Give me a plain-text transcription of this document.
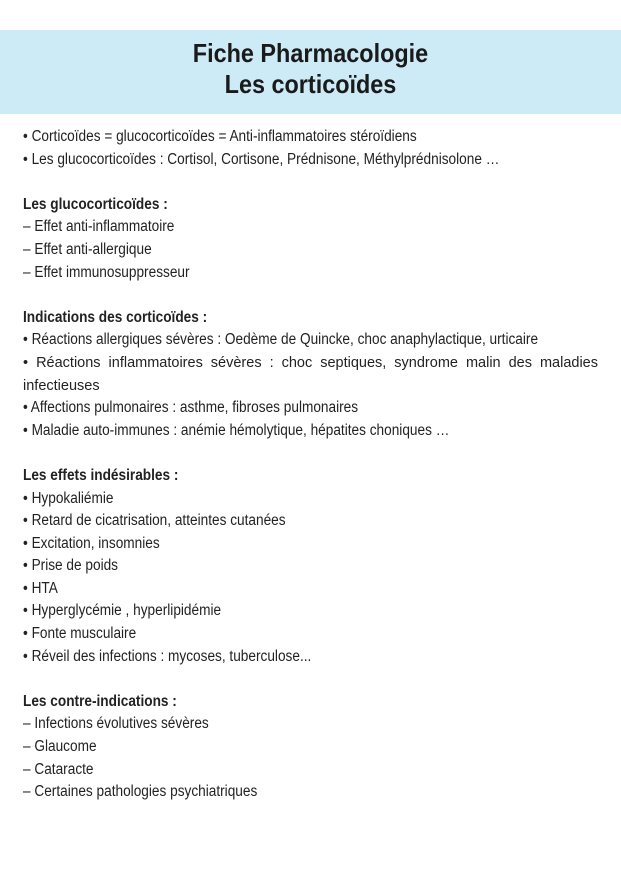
Fiche Pharmacologie
Les corticoïdes
• Corticoïdes = glucocorticoïdes = Anti-inflammatoires stéroïdiens
• Les glucocorticoïdes : Cortisol, Cortisone, Prédnisone, Méthylprédnisolone …
Les glucocorticoïdes :
– Effet anti-inflammatoire
– Effet anti-allergique
– Effet immunosuppresseur
Indications des corticoïdes :
• Réactions allergiques sévères : Oedème de Quincke, choc anaphylactique, urticaire
• Réactions inflammatoires sévères : choc septiques, syndrome malin des maladies infectieuses
• Affections pulmonaires : asthme, fibroses pulmonaires
• Maladie auto-immunes : anémie hémolytique, hépatites choniques …
Les effets indésirables :
• Hypokaliémie
• Retard de cicatrisation, atteintes cutanées
• Excitation, insomnies
• Prise de poids
• HTA
• Hyperglycémie , hyperlipidémie
• Fonte musculaire
• Réveil des infections : mycoses, tuberculose...
Les contre-indications :
– Infections évolutives sévères
– Glaucome
– Cataracte
– Certaines pathologies psychiatriques
